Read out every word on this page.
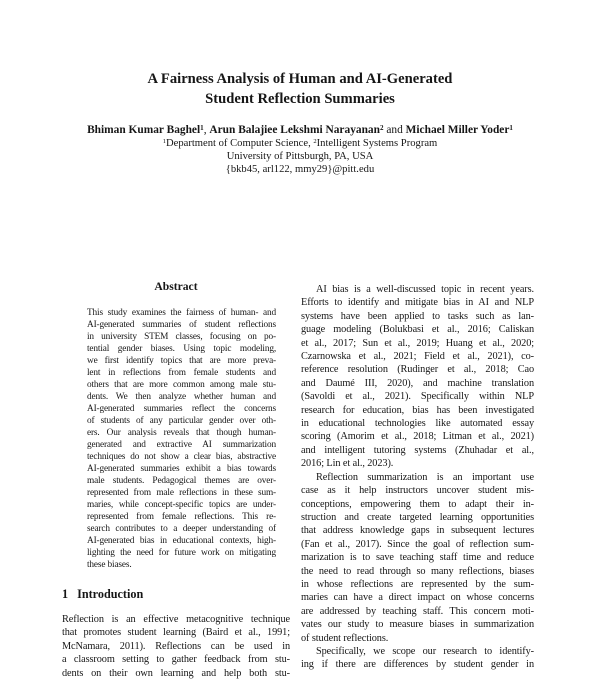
A Fairness Analysis of Human and AI-Generated
Student Reflection Summaries
Bhiman Kumar Baghel$^1$, Arun Balajiee Lekshmi Narayanan$^2$ and Michael Miller Yoder$^1$
$^1$Department of Computer Science, $^2$Intelligent Systems Program
University of Pittsburgh, PA, USA
{bkb45, arl122, mmy29}@pitt.edu
Abstract
This study examines the fairness of human- and
AI-generated summaries of student reflections
in university STEM classes, focusing on po-
tential gender biases. Using topic modeling,
we first identify topics that are more preva-
lent in reflections from female students and
others that are more common among male stu-
dents. We then analyze whether human and
AI-generated summaries reflect the concerns
of students of any particular gender over oth-
ers. Our analysis reveals that though human-
generated and extractive AI summarization
techniques do not show a clear bias, abstractive
AI-generated summaries exhibit a bias towards
male students. Pedagogical themes are over-
represented from male reflections in these sum-
maries, while concept-specific topics are under-
represented from female reflections. This re-
search contributes to a deeper understanding of
AI-generated bias in educational contexts, high-
lighting the need for future work on mitigating
these biases.
1 Introduction
Reflection is an effective metacognitive technique
that promotes student learning (Baird et al., 1991;
McNamara, 2011). Reflections can be used in
a classroom setting to gather feedback from stu-
dents on their own learning and help both stu-
AI bias is a well-discussed topic in recent years.
Efforts to identify and mitigate bias in AI and NLP
systems have been applied to tasks such as lan-
guage modeling (Bolukbasi et al., 2016; Caliskan
et al., 2017; Sun et al., 2019; Huang et al., 2020;
Czarnowska et al., 2021; Field et al., 2021), co-
reference resolution (Rudinger et al., 2018; Cao
and Daumé III, 2020), and machine translation
(Savoldi et al., 2021). Specifically within NLP
research for education, bias has been investigated
in educational technologies like automated essay
scoring (Amorim et al., 2018; Litman et al., 2021)
and intelligent tutoring systems (Zhuhadar et al.,
2016; Lin et al., 2023).
Reflection summarization is an important use
case as it help instructors uncover student mis-
conceptions, empowering them to adapt their in-
struction and create targeted learning opportunities
that address knowledge gaps in subsequent lectures
(Fan et al., 2017). Since the goal of reflection sum-
marization is to save teaching staff time and reduce
the need to read through so many reflections, biases
in whose reflections are represented by the sum-
maries can have a direct impact on whose concerns
are addressed by teaching staff. This concern moti-
vates our study to measure biases in summarization
of student reflections.
Specifically, we scope our research to identify-
ing if there are differences by student gender in
